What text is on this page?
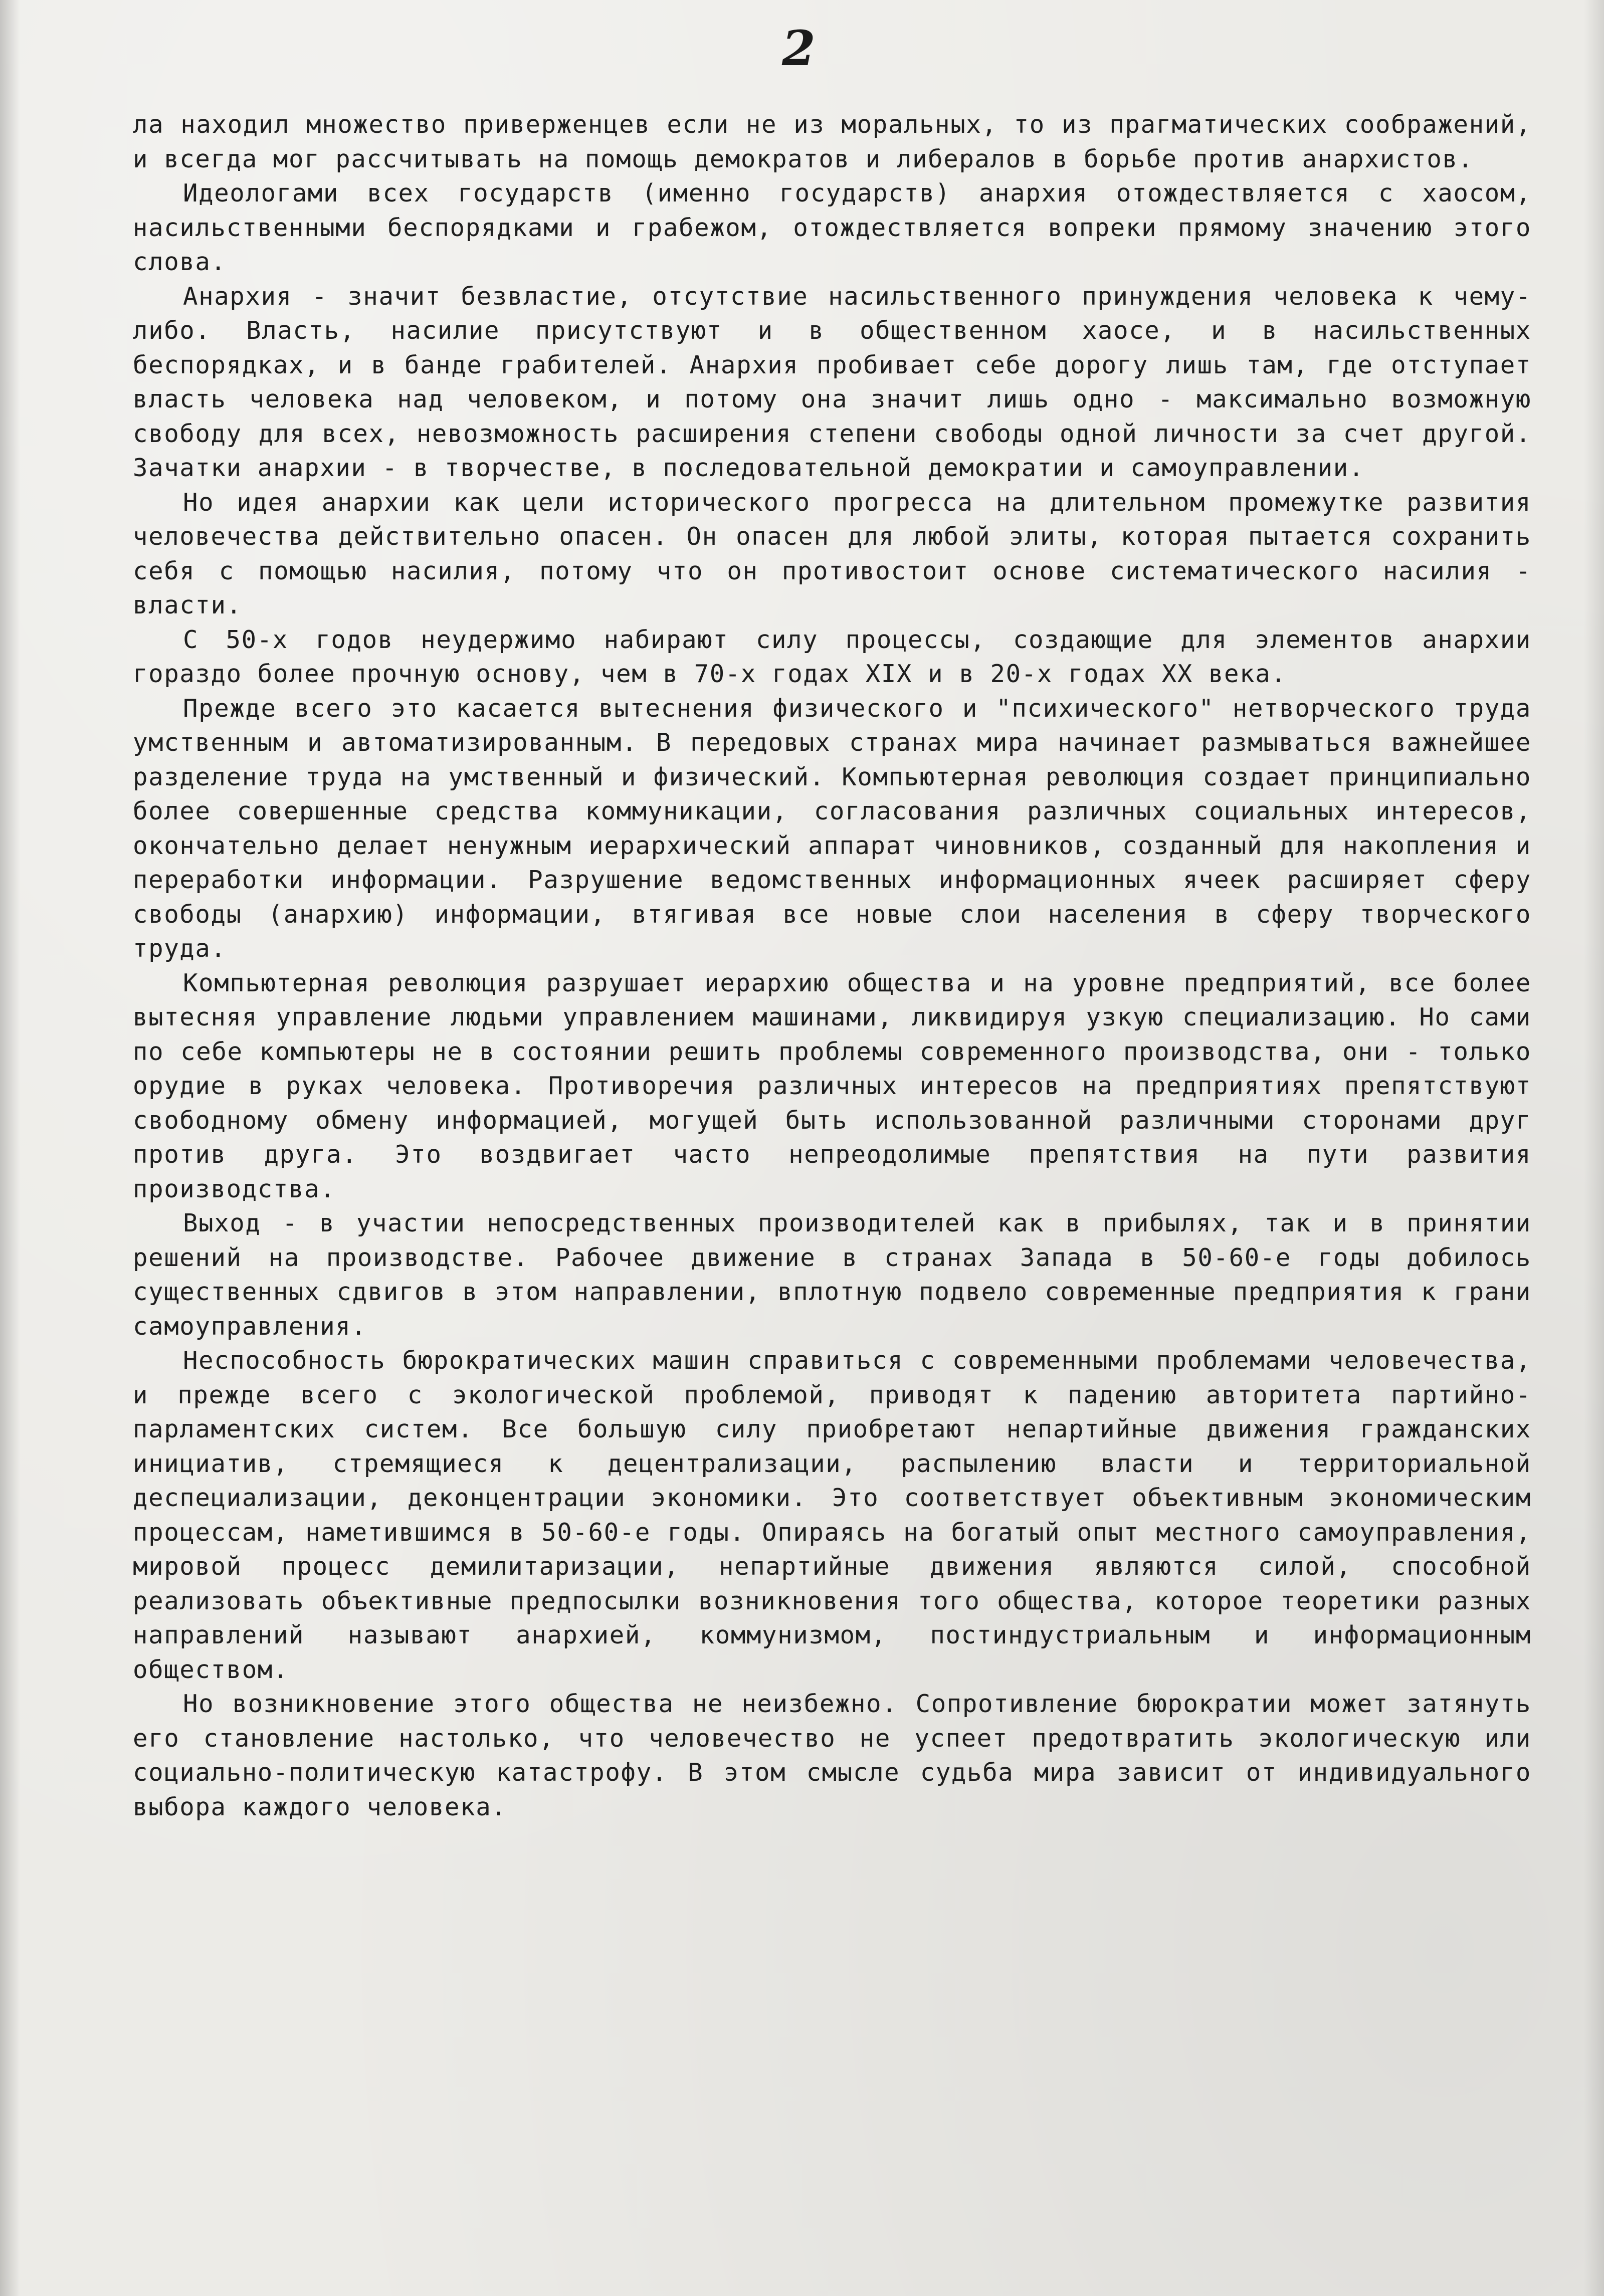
2

ла находил множество приверженцев если не из моральных, то из прагматических соображений, и всегда мог рассчитывать на помощь демократов и либералов в борьбе против анархистов.

Идеологами всех государств (именно государств) анархия отождествляется с хаосом, насильственными беспорядками и грабежом, отождествляется вопреки прямому значению этого слова.

Анархия - значит безвластие, отсутствие насильственного принуждения человека к чему-либо. Власть, насилие присутствуют и в общественном хаосе, и в насильственных беспорядках, и в банде грабителей. Анархия пробивает себе дорогу лишь там, где отступает власть человека над человеком, и потому она значит лишь одно - максимально возможную свободу для всех, невозможность расширения степени свободы одной личности за счет другой. Зачатки анархии - в творчестве, в последовательной демократии и самоуправлении.

Но идея анархии как цели исторического прогресса на длительном промежутке развития человечества действительно опасен. Он опасен для любой элиты, которая пытается сохранить себя с помощью насилия, потому что он противостоит основе систематического насилия - власти.

С 50-х годов неудержимо набирают силу процессы, создающие для элементов анархии гораздо более прочную основу, чем в 70-х годах XIX и в 20-х годах XX века.

Прежде всего это касается вытеснения физического и "психического" нетворческого труда умственным и автоматизированным. В передовых странах мира начинает размываться важнейшее разделение труда на умственный и физический. Компьютерная революция создает принципиально более совершенные средства коммуникации, согласования различных социальных интересов, окончательно делает ненужным иерархический аппарат чиновников, созданный для накопления и переработки информации. Разрушение ведомственных информационных ячеек расширяет сферу свободы (анархию) информации, втягивая все новые слои населения в сферу творческого труда.

Компьютерная революция разрушает иерархию общества и на уровне предприятий, все более вытесняя управление людьми управлением машинами, ликвидируя узкую специализацию. Но сами по себе компьютеры не в состоянии решить проблемы современного производства, они - только орудие в руках человека. Противоречия различных интересов на предприятиях препятствуют свободному обмену информацией, могущей быть использованной различными сторонами друг против друга. Это воздвигает часто непреодолимые препятствия на пути развития производства.

Выход - в участии непосредственных производителей как в прибылях, так и в принятии решений на производстве. Рабочее движение в странах Запада в 50-60-е годы добилось существенных сдвигов в этом направлении, вплотную подвело современные предприятия к грани самоуправления.

Неспособность бюрократических машин справиться с современными проблемами человечества, и прежде всего с экологической проблемой, приводят к падению авторитета партийно-парламентских систем. Все большую силу приобретают непартийные движения гражданских инициатив, стремящиеся к децентрализации, распылению власти и территориальной деспециализации, деконцентрации экономики. Это соответствует объективным экономическим процессам, наметившимся в 50-60-е годы. Опираясь на богатый опыт местного самоуправления, мировой процесс демилитаризации, непартийные движения являются силой, способной реализовать объективные предпосылки возникновения того общества, которое теоретики разных направлений называют анархией, коммунизмом, постиндустриальным и информационным обществом.

Но возникновение этого общества не неизбежно. Сопротивление бюрократии может затянуть его становление настолько, что человечество не успеет предотвратить экологическую или социально-политическую катастрофу. В этом смысле судьба мира зависит от индивидуального выбора каждого человека.
